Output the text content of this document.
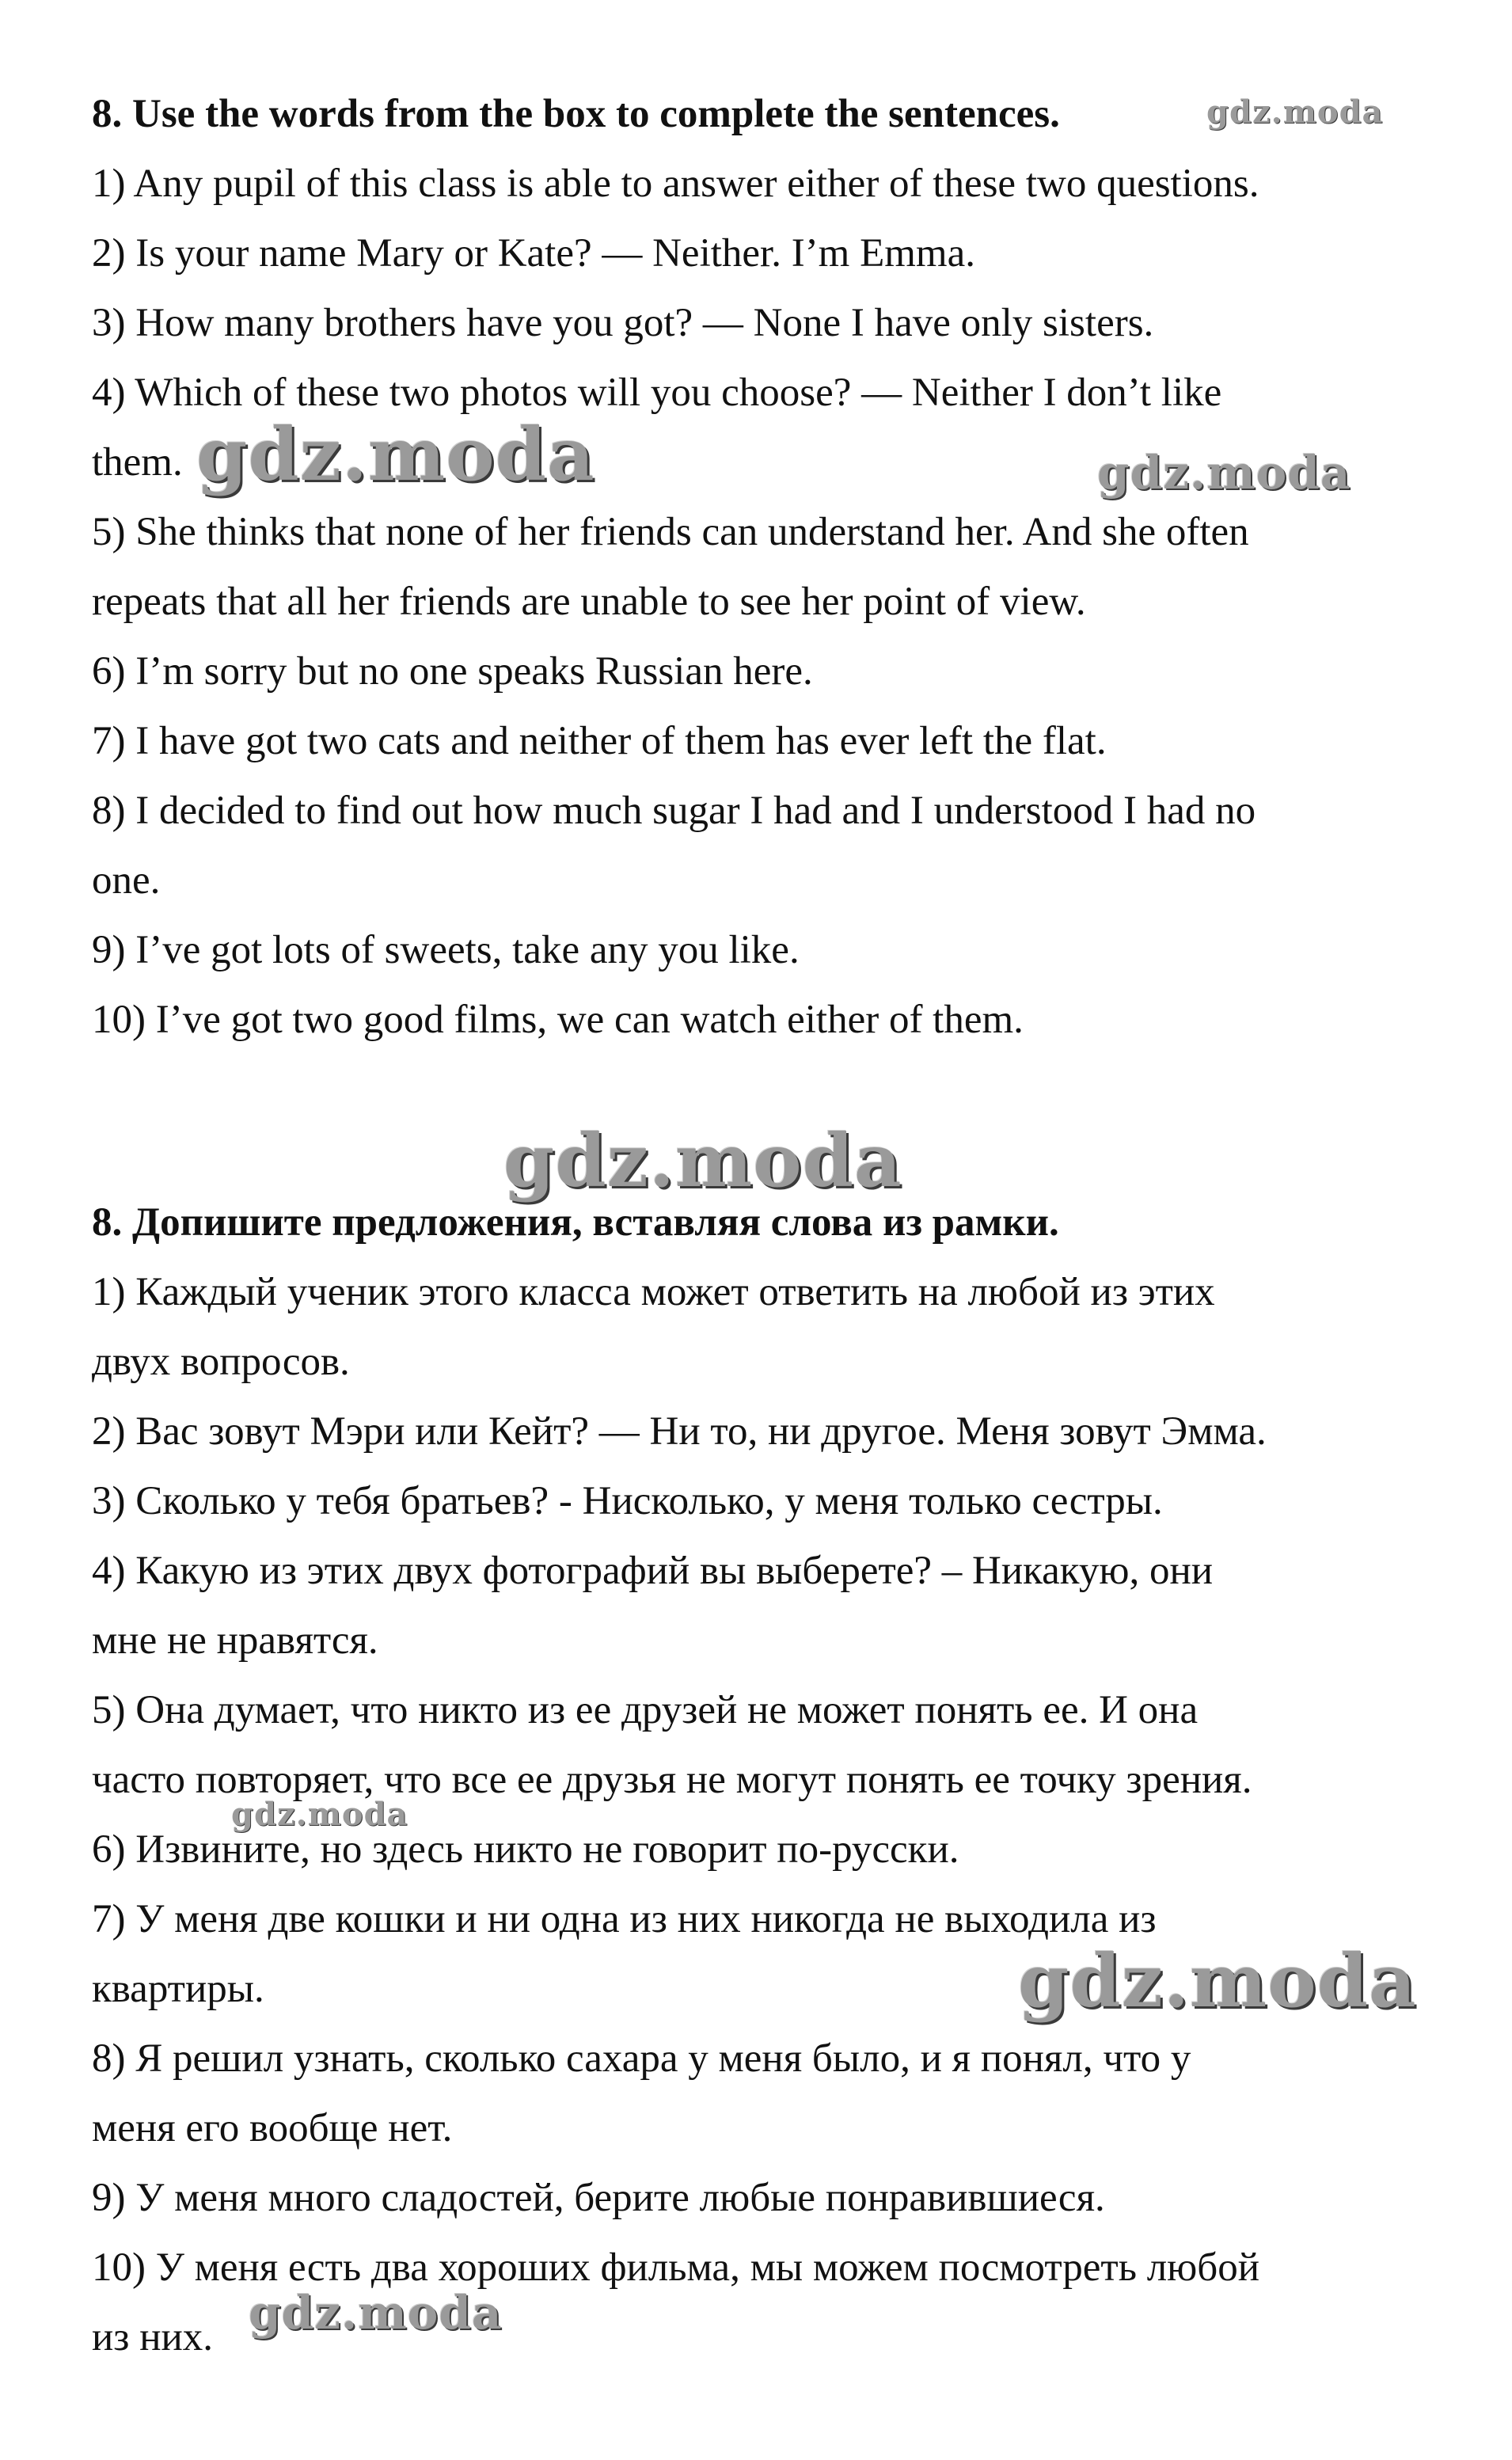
8. Use the words from the box to complete the sentences.
1) Any pupil of this class is able to answer either of these two questions.
2) Is your name Mary or Kate? — Neither. I’m Emma.
3) How many brothers have you got? — None I have only sisters.
4) Which of these two photos will you choose? — Neither I don’t like
them.
5) She thinks that none of her friends can understand her. And she often
repeats that all her friends are unable to see her point of view.
6) I’m sorry but no one speaks Russian here.
7) I have got two cats and neither of them has ever left the flat.
8) I decided to find out how much sugar I had and I understood I had no
one.
9) I’ve got lots of sweets, take any you like.
10) I’ve got two good films, we can watch either of them.
8. Допишите предложения, вставляя слова из рамки.
1) Каждый ученик этого класса может ответить на любой из этих
двух вопросов.
2) Вас зовут Мэри или Кейт? — Ни то, ни другое. Меня зовут Эмма.
3) Сколько у тебя братьев? - Нисколько, у меня только сестры.
4) Какую из этих двух фотографий вы выберете? – Никакую, они
мне не нравятся.
5) Она думает, что никто из ее друзей не может понять ее. И она
часто повторяет, что все ее друзья не могут понять ее точку зрения.
6) Извините, но здесь никто не говорит по-русски.
7) У меня две кошки и ни одна из них никогда не выходила из
квартиры.
8) Я решил узнать, сколько сахара у меня было, и я понял, что у
меня его вообще нет.
9) У меня много сладостей, берите любые понравившиеся.
10) У меня есть два хороших фильма, мы можем посмотреть любой
из них.
gdz.moda
gdz.moda	gdz.moda
gdz.moda
gdz.moda
gdz.moda
gdz.moda
